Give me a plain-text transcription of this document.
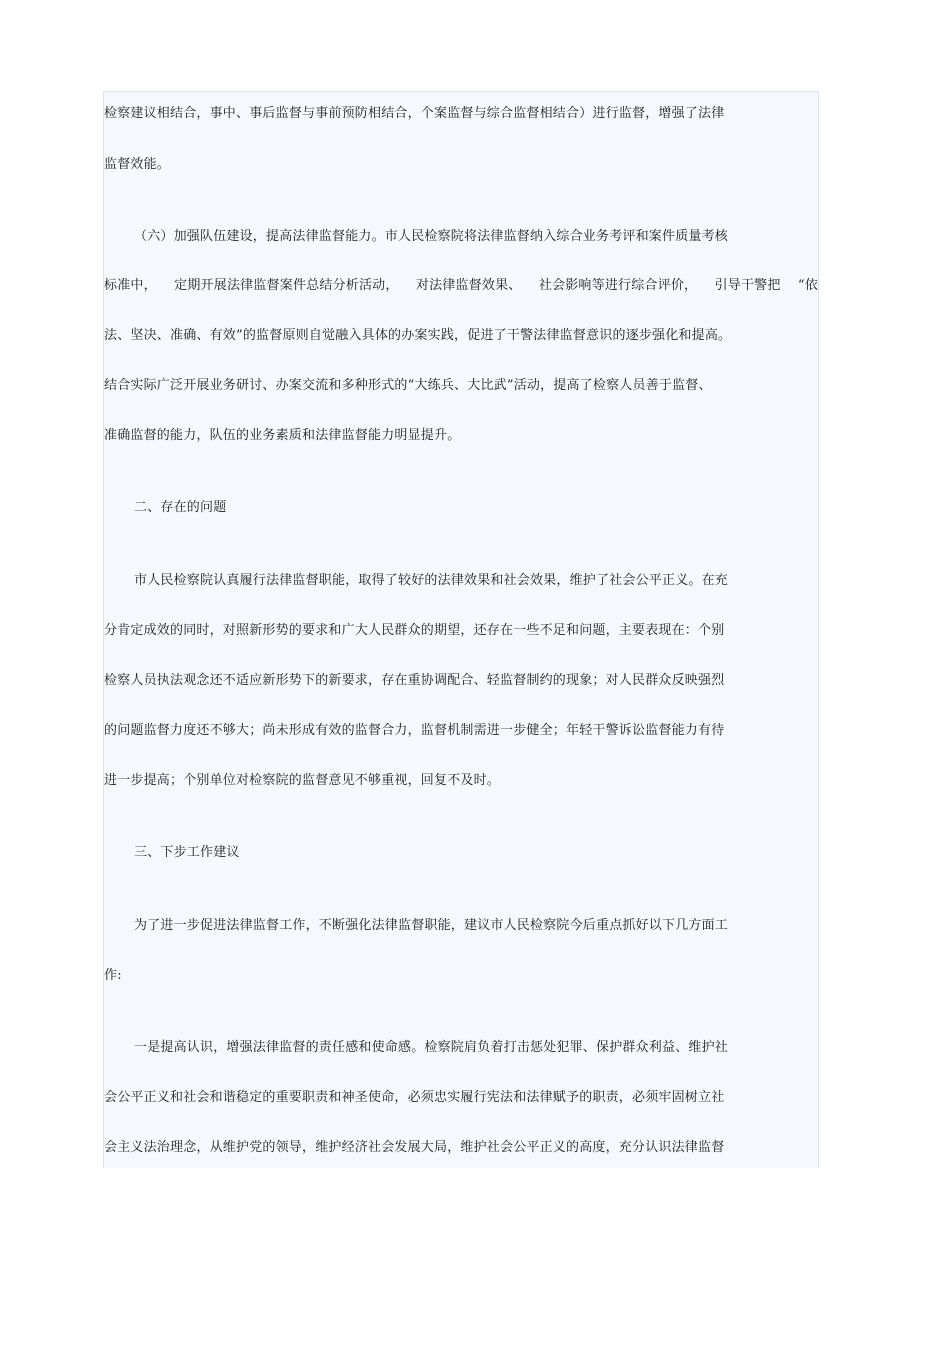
检察建议相结合，事中、事后监督与事前预防相结合，个案监督与综合监督相结合）进行监督，增强了法律
监督效能。
（六）加强队伍建设，提高法律监督能力。市人民检察院将法律监督纳入综合业务考评和案件质量考核
标准中， 定期开展法律监督案件总结分析活动， 对法律监督效果、 社会影响等进行综合评价， 引导干警把 “依
法、坚决、准确、有效”的监督原则自觉融入具体的办案实践，促进了干警法律监督意识的逐步强化和提高。
结合实际广泛开展业务研讨、办案交流和多种形式的“大练兵、大比武”活动，提高了检察人员善于监督、
准确监督的能力，队伍的业务素质和法律监督能力明显提升。
二、存在的问题
市人民检察院认真履行法律监督职能，取得了较好的法律效果和社会效果，维护了社会公平正义。在充
分肯定成效的同时，对照新形势的要求和广大人民群众的期望，还存在一些不足和问题，主要表现在：个别
检察人员执法观念还不适应新形势下的新要求，存在重协调配合、轻监督制约的现象；对人民群众反映强烈
的问题监督力度还不够大；尚未形成有效的监督合力，监督机制需进一步健全；年轻干警诉讼监督能力有待
进一步提高；个别单位对检察院的监督意见不够重视，回复不及时。
三、下步工作建议
为了进一步促进法律监督工作，不断强化法律监督职能，建议市人民检察院今后重点抓好以下几方面工
作:
一是提高认识，增强法律监督的责任感和使命感。检察院肩负着打击惩处犯罪、保护群众利益、维护社
会公平正义和社会和谐稳定的重要职责和神圣使命，必须忠实履行宪法和法律赋予的职责，必须牢固树立社
会主义法治理念，从维护党的领导，维护经济社会发展大局，维护社会公平正义的高度，充分认识法律监督
